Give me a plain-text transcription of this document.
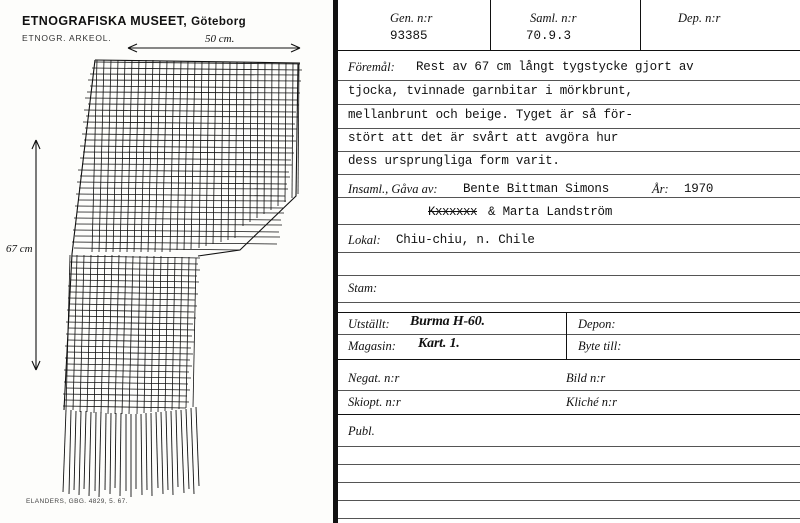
ETNOGRAFISKA MUSEET, Göteborg
ETNOGR. ARKEOL.	50 cm.
67 cm
ELANDERS, GBG. 4829, 5. 67.
Gen. n:r
93385
Saml. n:r
70.9.3
Dep. n:r
Föremål: Rest av 67 cm långt tygstycke gjort av
tjocka, tvinnade garnbitar i mörkbrunt,
mellanbrunt och beige. Tyget är så för-
stört att det är svårt att avgöra hur
dess ursprungliga form varit.
Insaml., Gåva av: Bente Bittman Simons	År: 1970
Kxxxxxx & Marta Landström
Lokal: Chiu-chiu, n. Chile
Stam:
Utställt: Burma H-60.	Depon:
Magasin: Kart. 1.	Byte till:
Negat. n:r	Bild n:r
Skiopt. n:r	Kliché n:r
Publ.
